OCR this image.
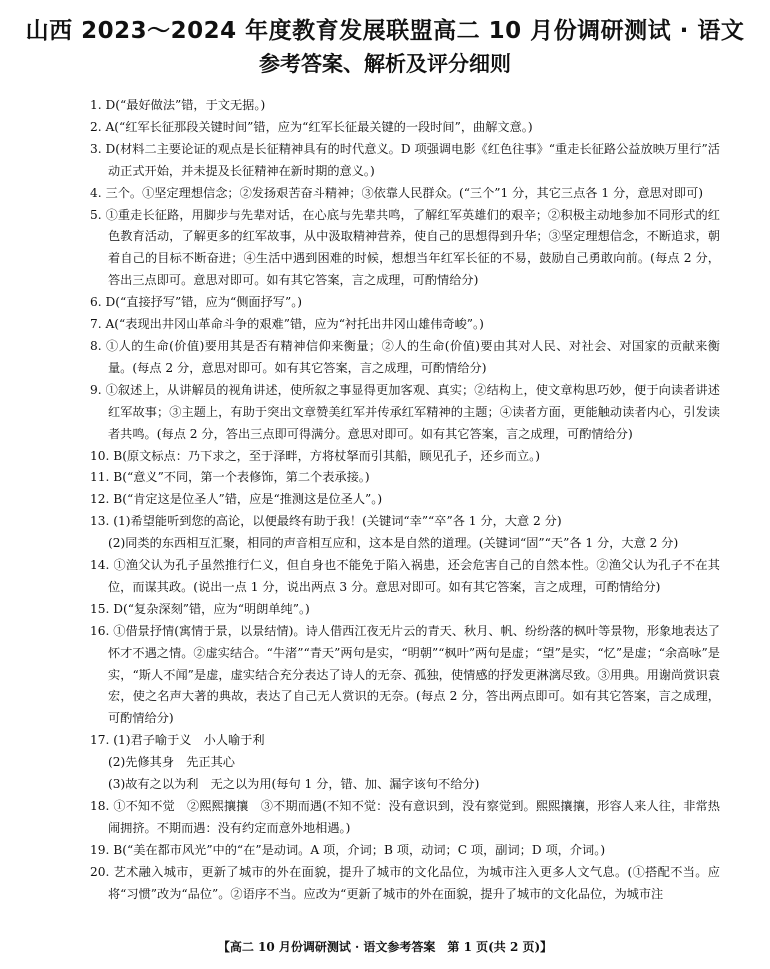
山西 2023～2024 年度教育发展联盟高二 10 月份调研测试 · 语文
参考答案、解析及评分细则
1. D(“最好做法”错，于文无据。)
2. A(“红军长征那段关键时间”错，应为“红军长征最关键的一段时间”，曲解文意。)
3. D(材料二主要论证的观点是长征精神具有的时代意义。D 项强调电影《红色往事》“重走长征路公益放映万里行”活动正式开始，并未提及长征精神在新时期的意义。)
4. 三个。①坚定理想信念；②发扬艰苦奋斗精神；③依靠人民群众。(“三个”1 分，其它三点各 1 分，意思对即可)
5. ①重走长征路，用脚步与先辈对话，在心底与先辈共鸣，了解红军英雄们的艰辛；②积极主动地参加不同形式的红色教育活动，了解更多的红军故事，从中汲取精神营养，使自己的思想得到升华；③坚定理想信念，不断追求，朝着自己的目标不断奋进；④生活中遇到困难的时候，想想当年红军长征的不易，鼓励自己勇敢向前。(每点 2 分，答出三点即可。意思对即可。如有其它答案，言之成理，可酌情给分)
6. D(“直接抒写”错，应为“侧面抒写”。)
7. A(“表现出井冈山革命斗争的艰难”错，应为“衬托出井冈山雄伟奇峻”。)
8. ①人的生命(价值)要用其是否有精神信仰来衡量；②人的生命(价值)要由其对人民、对社会、对国家的贡献来衡量。(每点 2 分，意思对即可。如有其它答案，言之成理，可酌情给分)
9. ①叙述上，从讲解员的视角讲述，使所叙之事显得更加客观、真实；②结构上，使文章构思巧妙，便于向读者讲述红军故事；③主题上，有助于突出文章赞美红军并传承红军精神的主题；④读者方面，更能触动读者内心，引发读者共鸣。(每点 2 分，答出三点即可得满分。意思对即可。如有其它答案，言之成理，可酌情给分)
10. B(原文标点：乃下求之，至于泽畔，方将杖拏而引其船，顾见孔子，还乡而立。)
11. B(“意义”不同，第一个表修饰，第二个表承接。)
12. B(“肯定这是位圣人”错，应是“推测这是位圣人”。)
13. (1)希望能听到您的高论，以便最终有助于我！(关键词“幸”“卒”各 1 分，大意 2 分)
(2)同类的东西相互汇聚，相同的声音相互应和，这本是自然的道理。(关键词“固”“天”各 1 分，大意 2 分)
14. ①渔父认为孔子虽然推行仁义，但自身也不能免于陷入祸患，还会危害自己的自然本性。②渔父认为孔子不在其位，而谋其政。(说出一点 1 分，说出两点 3 分。意思对即可。如有其它答案，言之成理，可酌情给分)
15. D(“复杂深刻”错，应为“明朗单纯”。)
16. ①借景抒情(寓情于景，以景结情)。诗人借西江夜无片云的青天、秋月、帆、纷纷落的枫叶等景物，形象地表达了怀才不遇之情。②虚实结合。“牛渚”“青天”两句是实，“明朝”“枫叶”两句是虚；“望”是实，“忆”是虚；“余高咏”是实，“斯人不闻”是虚，虚实结合充分表达了诗人的无奈、孤独，使情感的抒发更淋漓尽致。③用典。用谢尚赏识袁宏，使之名声大著的典故，表达了自己无人赏识的无奈。(每点 2 分，答出两点即可。如有其它答案，言之成理，可酌情给分)
17. (1)君子喻于义　小人喻于利
(2)先修其身　先正其心
(3)故有之以为利　无之以为用(每句 1 分，错、加、漏字该句不给分)
18. ①不知不觉　②熙熙攘攘　③不期而遇(不知不觉：没有意识到，没有察觉到。熙熙攘攘，形容人来人往，非常热闹拥挤。不期而遇：没有约定而意外地相遇。)
19. B(“美在都市风光”中的“在”是动词。A 项，介词；B 项，动词；C 项，副词；D 项，介词。)
20. 艺术融入城市，更新了城市的外在面貌，提升了城市的文化品位，为城市注入更多人文气息。(①搭配不当。应将“习惯”改为“品位”。②语序不当。应改为“更新了城市的外在面貌，提升了城市的文化品位，为城市注
【高二 10 月份调研测试 · 语文参考答案　第 1 页(共 2 页)】
